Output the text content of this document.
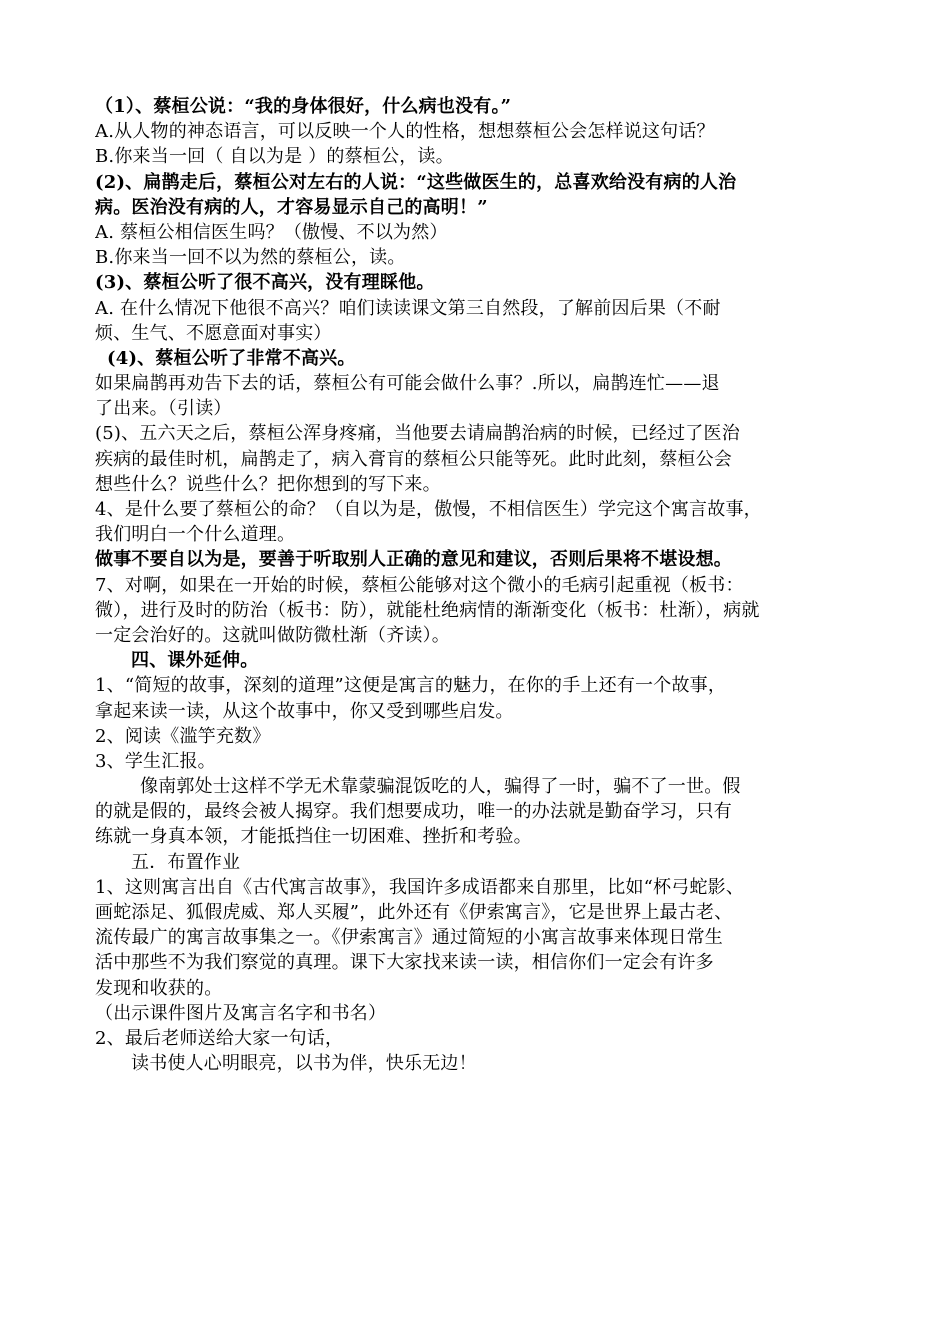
（1）、蔡桓公说：“我的身体很好，什么病也没有。”
A.从人物的神态语言，可以反映一个人的性格，想想蔡桓公会怎样说这句话？
B.你来当一回（ 自以为是 ）的蔡桓公，读。
(2)、扁鹊走后，蔡桓公对左右的人说：“这些做医生的，总喜欢给没有病的人治
病。医治没有病的人，才容易显示自己的高明！”
A. 蔡桓公相信医生吗？（傲慢、不以为然）
B.你来当一回不以为然的蔡桓公，读。
(3)、蔡桓公听了很不高兴，没有理睬他。
A. 在什么情况下他很不高兴？咱们读读课文第三自然段，了解前因后果（不耐
烦、生气、不愿意面对事实）
(4)、蔡桓公听了非常不高兴。
如果扁鹊再劝告下去的话，蔡桓公有可能会做什么事？.所以，扁鹊连忙——退
了出来。（引读）
(5)、五六天之后，蔡桓公浑身疼痛，当他要去请扁鹊治病的时候，已经过了医治
疾病的最佳时机，扁鹊走了，病入膏肓的蔡桓公只能等死。此时此刻，蔡桓公会
想些什么？说些什么？把你想到的写下来。
4、是什么要了蔡桓公的命？（自以为是，傲慢，不相信医生）学完这个寓言故事，
我们明白一个什么道理。
做事不要自以为是，要善于听取别人正确的意见和建议，否则后果将不堪设想。
7、对啊，如果在一开始的时候，蔡桓公能够对这个微小的毛病引起重视（板书：
微），进行及时的防治（板书：防），就能杜绝病情的渐渐变化（板书：杜渐），病就
一定会治好的。这就叫做防微杜渐（齐读）。
四、课外延伸。
1、“简短的故事，深刻的道理”这便是寓言的魅力，在你的手上还有一个故事，
拿起来读一读，从这个故事中，你又受到哪些启发。
2、阅读《滥竽充数》
3、学生汇报。
像南郭处士这样不学无术靠蒙骗混饭吃的人，骗得了一时，骗不了一世。假
的就是假的，最终会被人揭穿。我们想要成功，唯一的办法就是勤奋学习，只有
练就一身真本领，才能抵挡住一切困难、挫折和考验。
五．布置作业
1、这则寓言出自《古代寓言故事》，我国许多成语都来自那里，比如“杯弓蛇影、
画蛇添足、狐假虎威、郑人买履”，此外还有《伊索寓言》，它是世界上最古老、
流传最广的寓言故事集之一。《伊索寓言》通过简短的小寓言故事来体现日常生
活中那些不为我们察觉的真理。课下大家找来读一读，相信你们一定会有许多
发现和收获的。
（出示课件图片及寓言名字和书名）
2、最后老师送给大家一句话，
读书使人心明眼亮，以书为伴，快乐无边！
